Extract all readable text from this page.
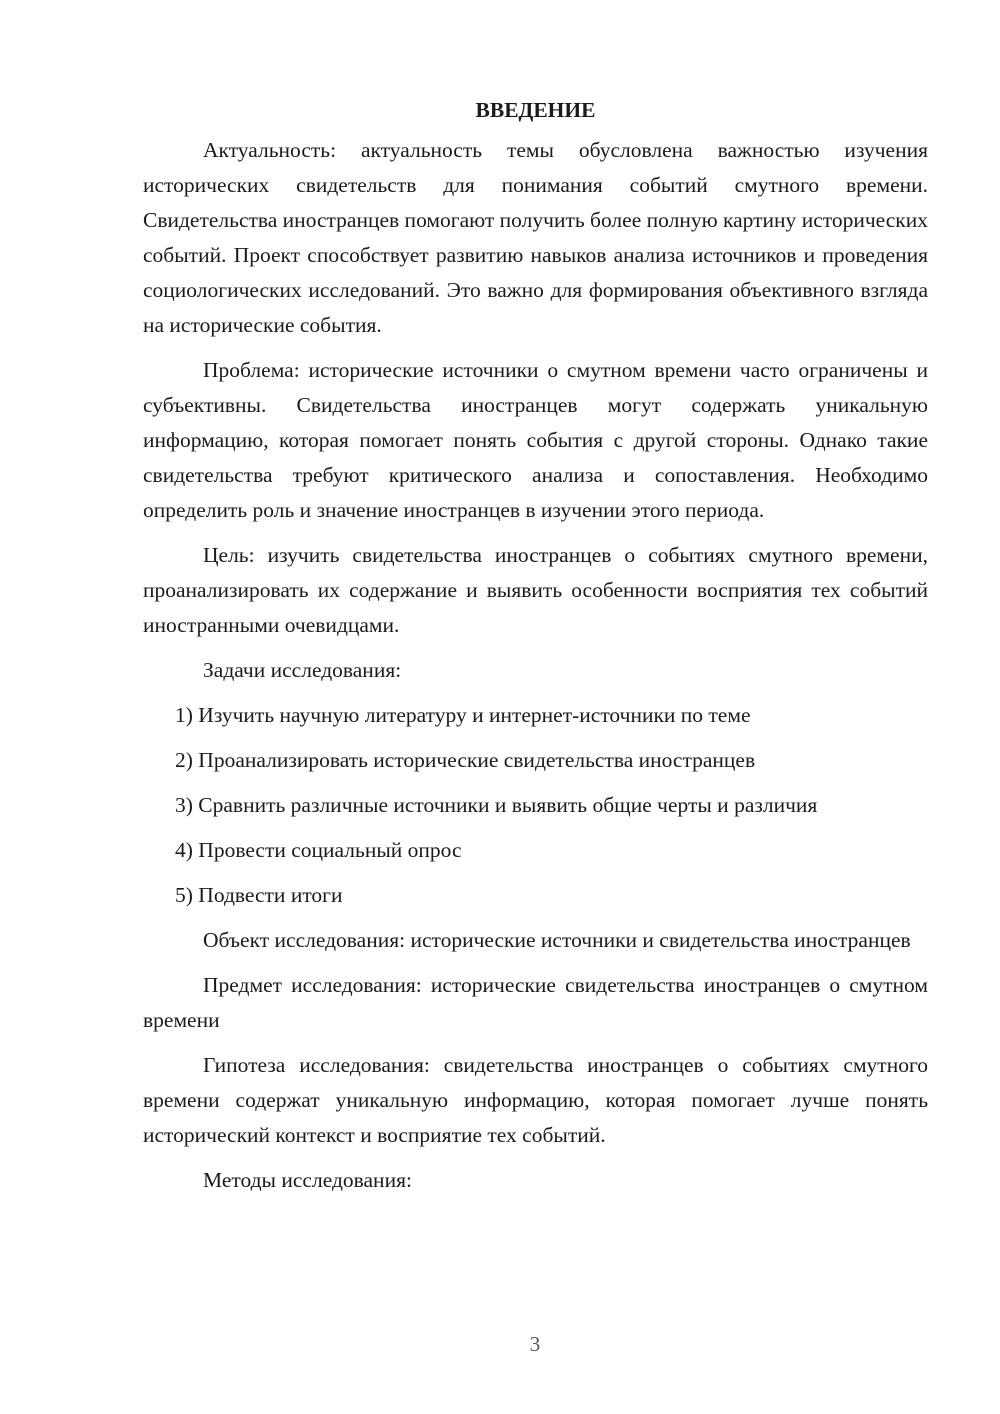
ВВЕДЕНИЕ

Актуальность: актуальность темы обусловлена важностью изучения исторических свидетельств для понимания событий смутного времени. Свидетельства иностранцев помогают получить более полную картину исторических событий. Проект способствует развитию навыков анализа источников и проведения социологических исследований. Это важно для формирования объективного взгляда на исторические события.

Проблема: исторические источники о смутном времени часто ограничены и субъективны. Свидетельства иностранцев могут содержать уникальную информацию, которая помогает понять события с другой стороны. Однако такие свидетельства требуют критического анализа и сопоставления. Необходимо определить роль и значение иностранцев в изучении этого периода.

Цель: изучить свидетельства иностранцев о событиях смутного времени, проанализировать их содержание и выявить особенности восприятия тех событий иностранными очевидцами.

Задачи исследования:

1) Изучить научную литературу и интернет-источники по теме
2) Проанализировать исторические свидетельства иностранцев
3) Сравнить различные источники и выявить общие черты и различия
4) Провести социальный опрос
5) Подвести итоги

Объект исследования: исторические источники и свидетельства иностранцев

Предмет исследования: исторические свидетельства иностранцев о смутном времени

Гипотеза исследования: свидетельства иностранцев о событиях смутного времени содержат уникальную информацию, которая помогает лучше понять исторический контекст и восприятие тех событий.

Методы исследования:

3
